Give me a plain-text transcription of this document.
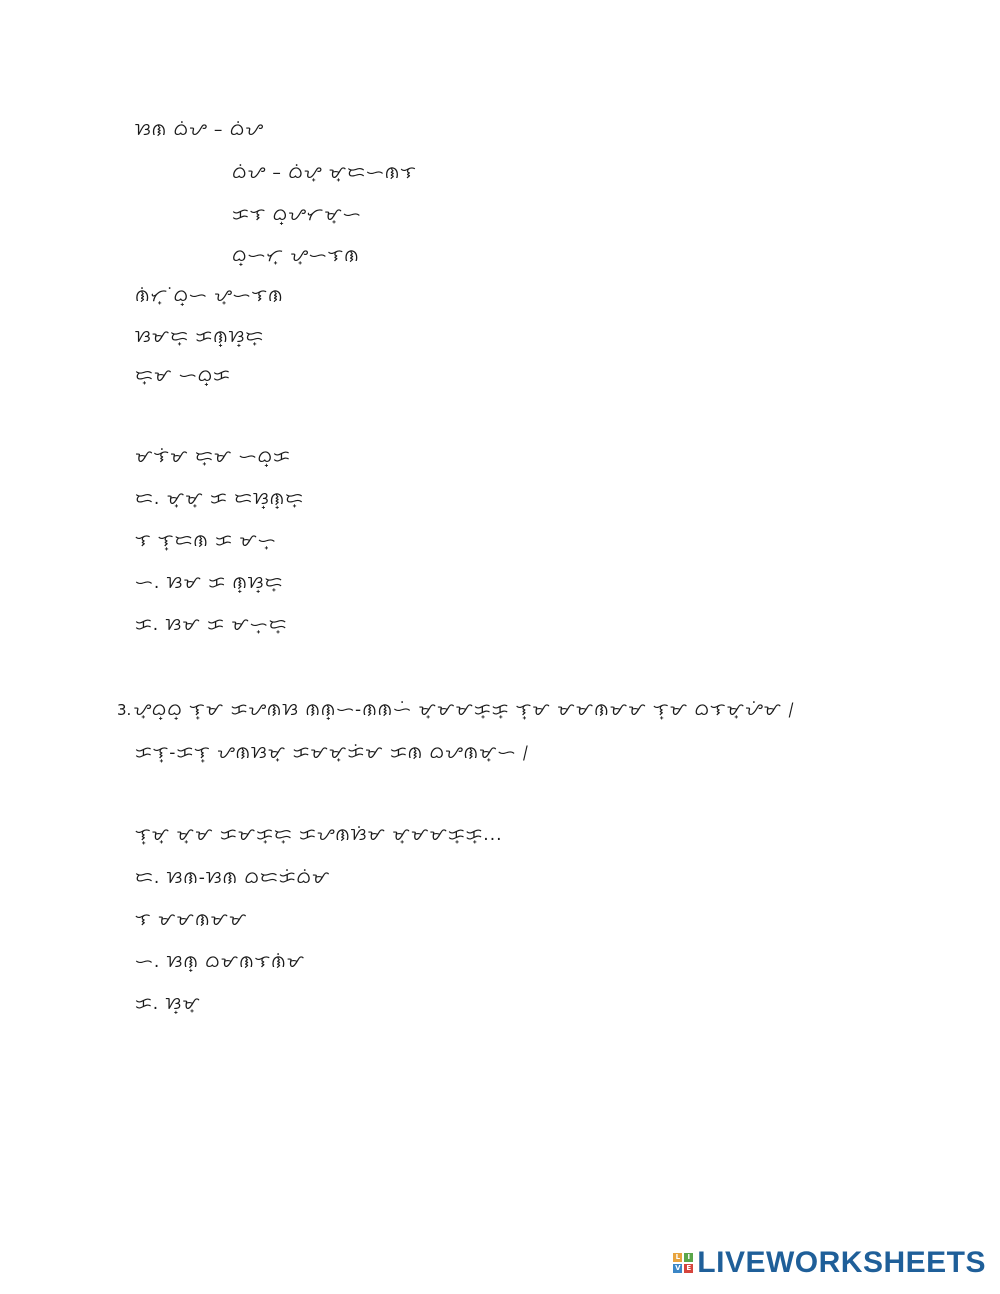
ᜐᜈ ᜊᜒᜌ – ᜊᜒᜌ
ᜊᜒᜌ – ᜊᜒᜌ᜔ ᜋ᜔ᜇᜑᜈᜎ
ᜃᜎ ᜊ᜔ᜌᜆᜋ᜔ᜑ
ᜊ᜔ᜑᜆ᜔ ᜌ᜔ᜑᜎᜈ
ᜈᜒᜆ᜔ ᜒᜊ᜔ᜑ ᜌ᜔ᜑᜎᜈ
ᜐᜋᜇ᜔ ᜃᜈ᜔ᜐ᜔ᜇ᜔
ᜇ᜔ᜋ ᜑᜊ᜔ᜃ
ᜋᜎᜒᜋ ᜇ᜔ᜋ ᜑᜊ᜔ᜃ
ᜇ. ᜋ᜔ᜋ᜔ ᜃ ᜇᜐ᜔ᜈ᜔ᜇ᜔
ᜎ ᜎ᜔ᜇᜈ ᜃ ᜋᜑ᜔
ᜑ. ᜐᜋ ᜃ ᜈ᜔ᜐ᜔ᜇ᜔
ᜃ. ᜐᜋ ᜃ ᜋᜑ᜔ᜇ᜔
3. ᜌ᜔ᜊ᜔ᜊ᜔ ᜎ᜔ᜋ ᜃᜌᜈᜐ ᜈᜈ᜔ᜑ-ᜈᜈᜑᜒ ᜋ᜔ᜋᜋᜃ᜔ᜃ᜔ ᜎ᜔ᜋ ᜋᜋᜈᜋᜋ ᜎ᜔ᜋ ᜊᜎᜋ᜔ᜌᜒᜋ ᜵
ᜃᜎ᜔-ᜃᜎ᜔ ᜌᜈᜐᜋ᜔ ᜃᜋᜋ᜔ᜃᜒᜋ ᜃᜈ ᜊᜌᜈᜋ᜔ᜑ ᜵
ᜎ᜔ᜋ᜔ ᜋ᜔ᜋ ᜃᜋᜃ᜔ᜇ᜔ ᜃᜌᜈᜐᜒᜋ ᜋ᜔ᜋᜋᜃ᜔ᜃ᜔...
ᜇ. ᜐᜈ-ᜐᜈ ᜊᜇᜃᜒᜊᜒᜋ
ᜎ ᜋᜋᜈᜋᜋ
ᜑ. ᜐᜈ᜔ ᜊᜋᜈᜎᜈᜒᜋ
ᜃ. ᜐ᜔ᜋ᜔
L	I
V E LIVEWORKSHEETS
